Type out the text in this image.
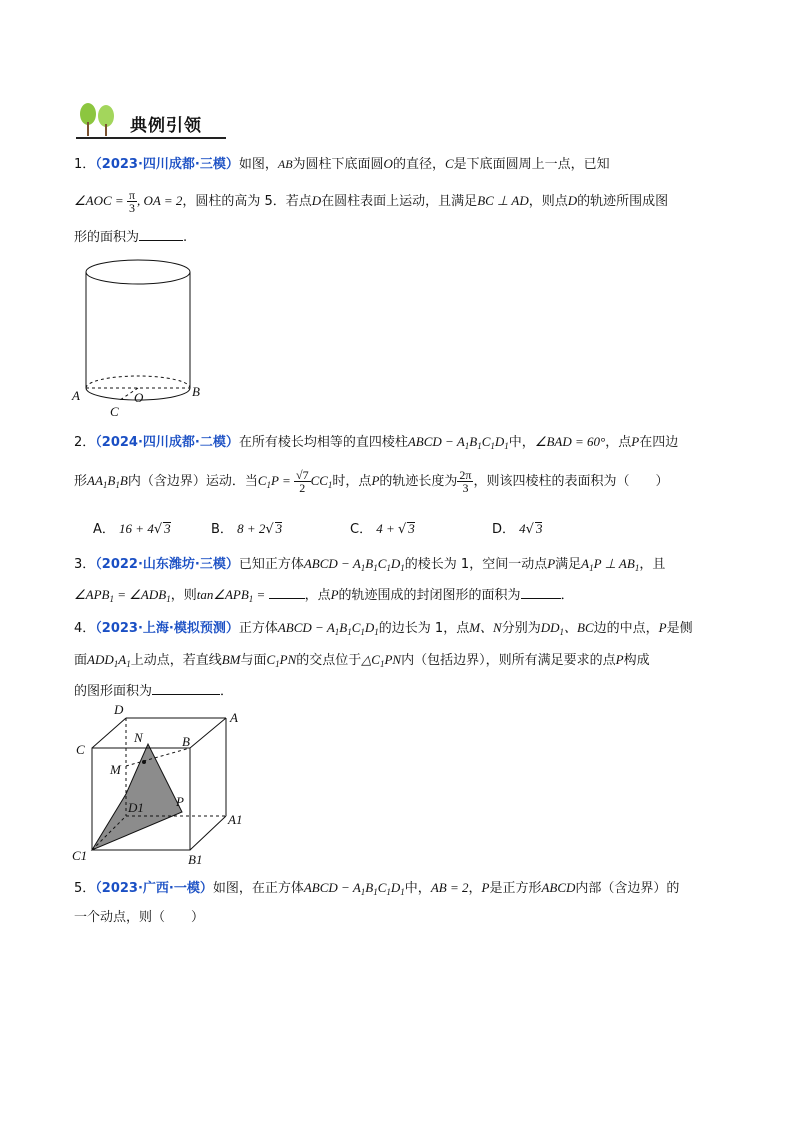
典例引领
1．（2023·四川成都·三模）如图，AB为圆柱下底面圆O的直径，C是下底面圆周上一点，已知
∠AOC = $\frac{\pi}{3}$ , OA = 2，圆柱的高为 5．若点D在圆柱表面上运动，且满足BC ⊥ AD，则点D的轨迹所围成图
形的面积为	.
A	O	B
C
2．（2024·四川成都·二模）在所有棱长均相等的直四棱柱ABCD − $A_1B_1C_1D_1$中，∠BAD = 60°，点P在四边
形$AA_1B_1B$内（含边界）运动．当$C_1P = \frac{√7}{2} CC_1$时，点P的轨迹长度为 $\frac{2\pi}{3}$ ，则该四棱柱的表面积为（　　）
A． 16 + 4√ 3	B． 8 + 2√ 3	C． 4 + √ 3	D． 4√ 3
3．（2022·山东潍坊·三模）已知正方体ABCD − $A_1B_1C_1D_1$的棱长为 1，空间一动点P满足$A_1P$ ⊥ $AB_1$，且
$\angle APB_1$ = $\angle ADB_1$，则$\tan\angle APB_1$ =	，点P的轨迹围成的封闭图形的面积为	．
4．（2023·上海·模拟预测）正方体ABCD − $A_1B_1C_1D_1$的边长为 1，点M、N分别为$DD_1$、BC边的中点，P是侧
面$ADD_1A_1$上动点，若直线BM与面$C_1PN$的交点位于$\triangle C_1PN$内（包括边界），则所有满足要求的点P构成
的图形面积为	．
D
A
C
N	B
M
P
A1
C1	B1
D1
5．（2023·广西·一模）如图，在正方体ABCD − $A_1B_1C_1D_1$中，AB = 2，P是正方形ABCD内部（含边界）的
一个动点，则（　　）
